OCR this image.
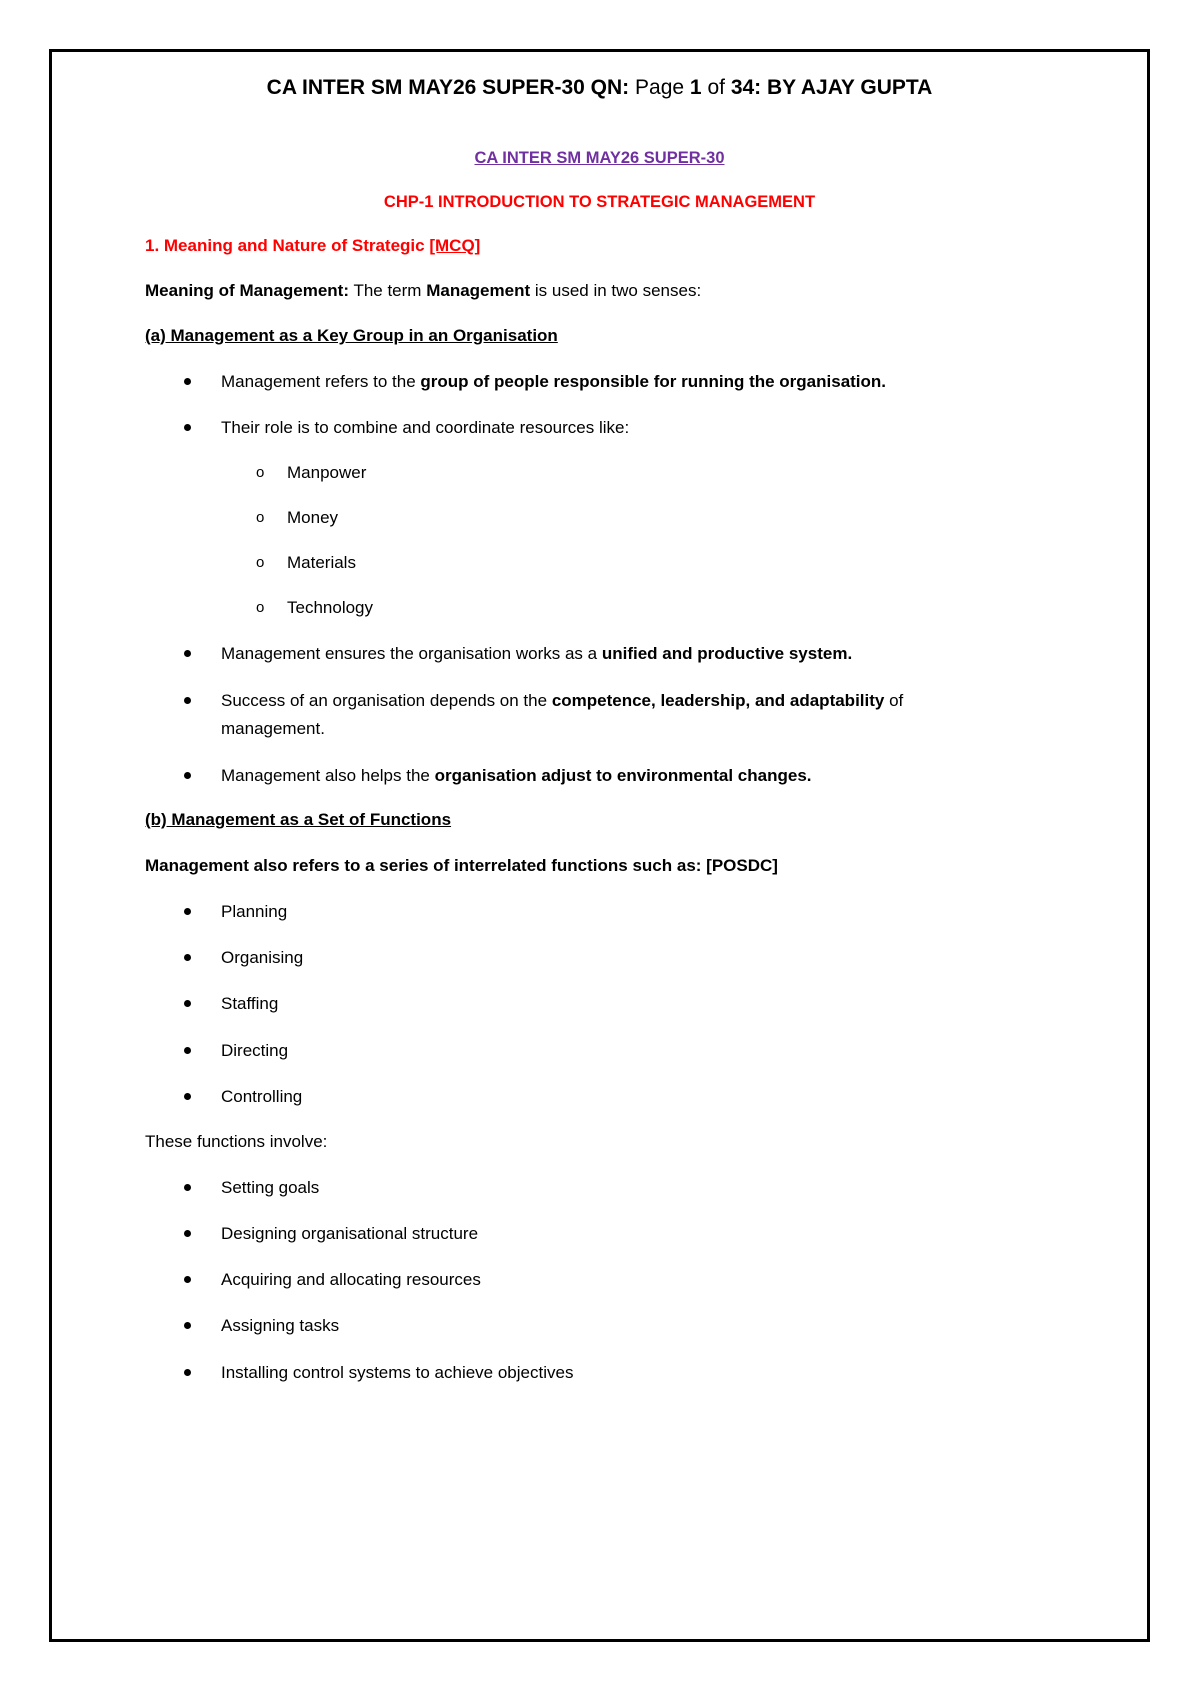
CA INTER SM MAY26 SUPER-30 QN: Page 1 of 34: BY AJAY GUPTA
CA INTER SM MAY26 SUPER-30
CHP-1 INTRODUCTION TO STRATEGIC MANAGEMENT
1. Meaning and Nature of Strategic [MCQ]
Meaning of Management: The term Management is used in two senses:
(a) Management as a Key Group in an Organisation
Management refers to the group of people responsible for running the organisation.
Their role is to combine and coordinate resources like:
o Manpower
o Money
o Materials
o Technology
Management ensures the organisation works as a unified and productive system.
Success of an organisation depends on the competence, leadership, and adaptability of
management.
Management also helps the organisation adjust to environmental changes.
(b) Management as a Set of Functions
Management also refers to a series of interrelated functions such as: [POSDC]
Planning
Organising
Staffing
Directing
Controlling
These functions involve:
Setting goals
Designing organisational structure
Acquiring and allocating resources
Assigning tasks
Installing control systems to achieve objectives
